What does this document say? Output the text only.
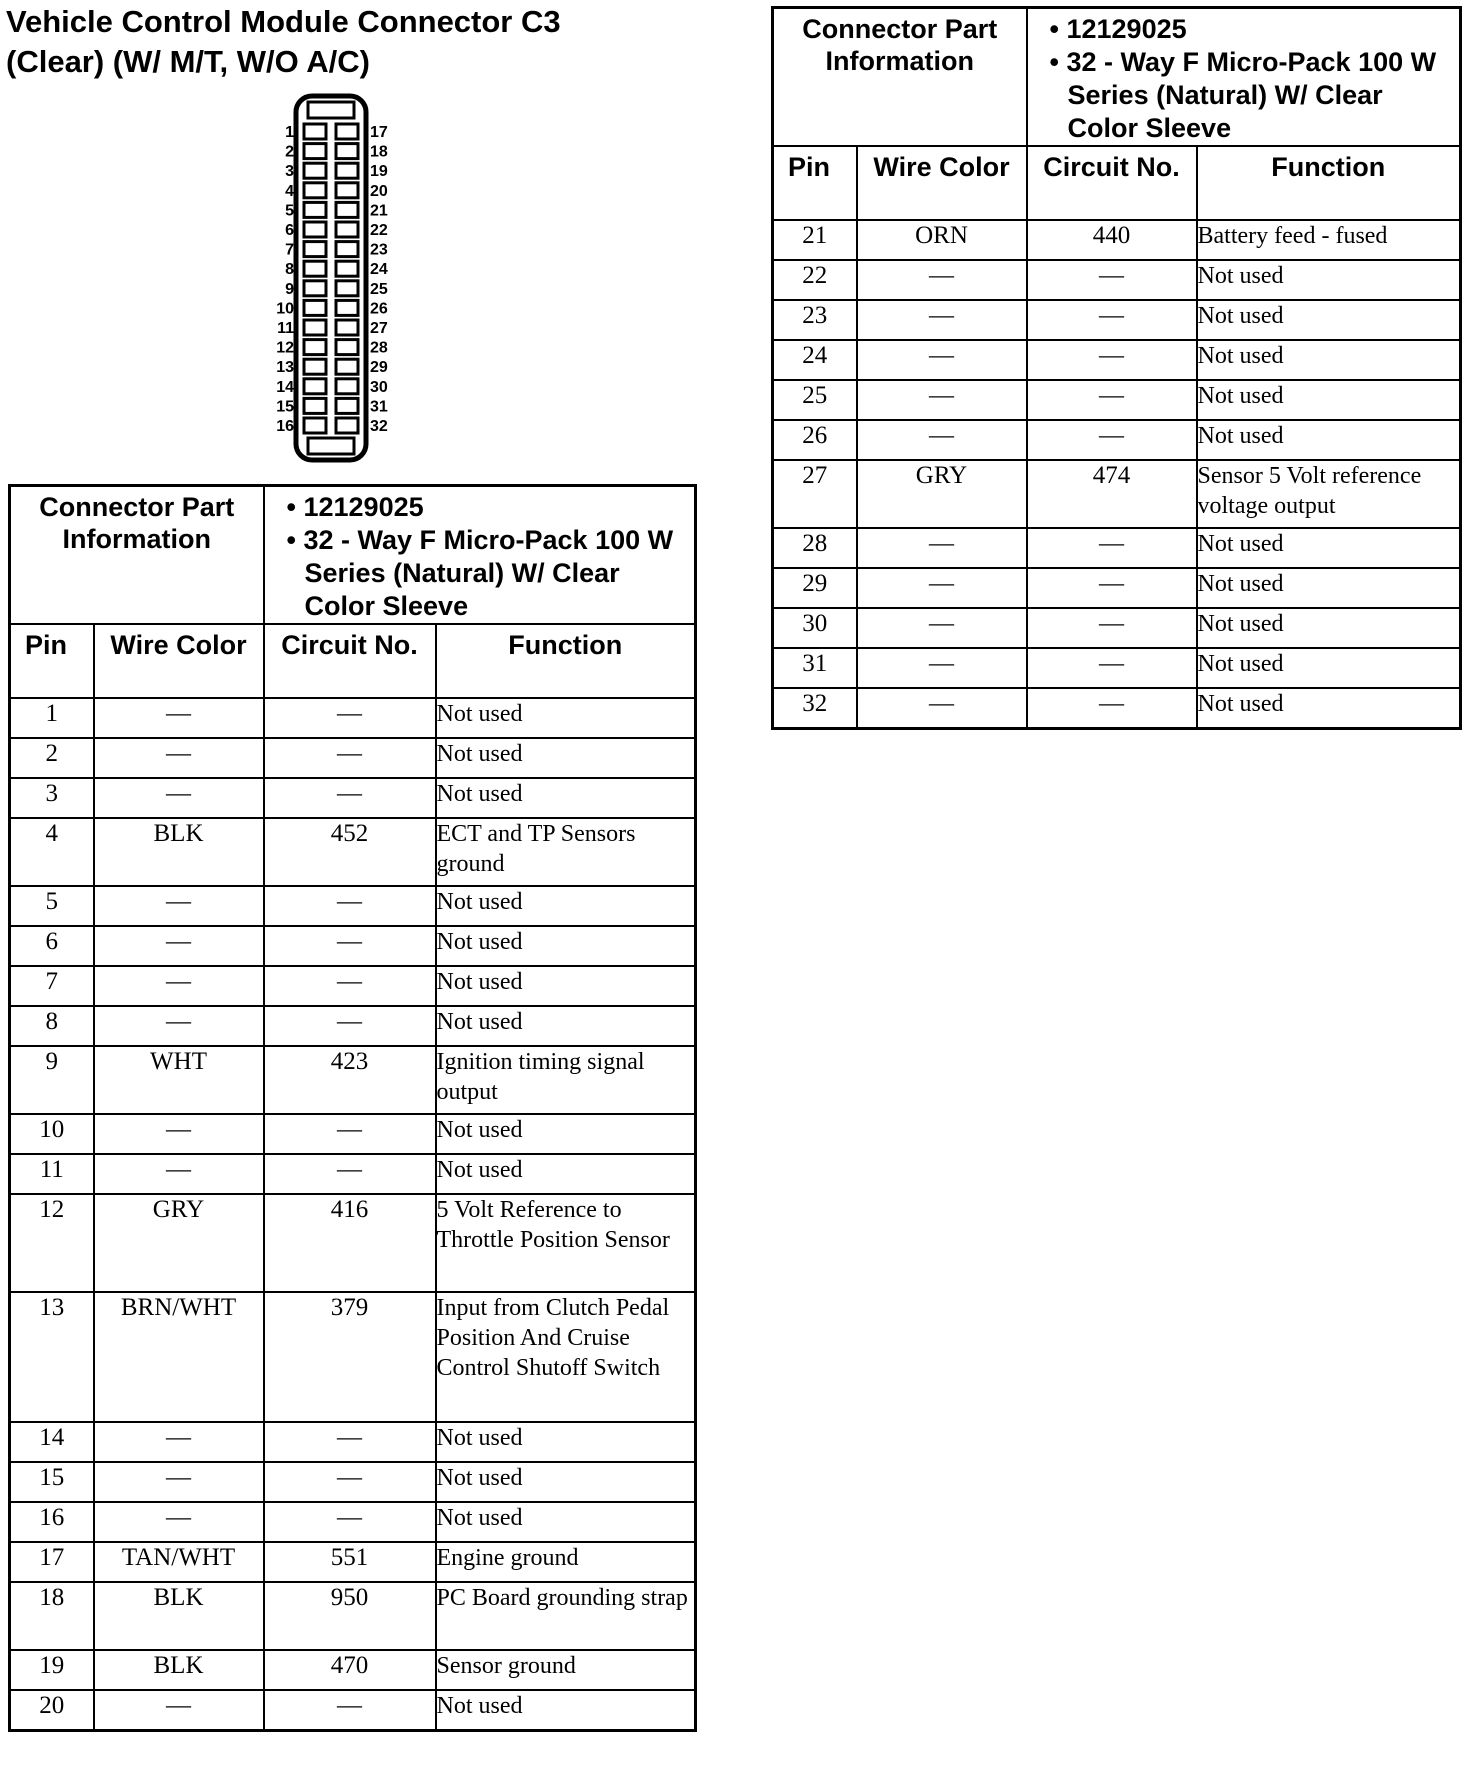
Vehicle Control Module Connector C3
(Clear) (W/ M/T, W/O A/C)
1	17
2	18
3	19
4	20
5	21
6	22
7	23
8	24
9	25
10	26
11	27
12	28
13	29
14	30
15	31
16	32
Connector Part Information		• 12129025
• 32 - Way F Micro-Pack 100 W Series (Natural) W/ Clear Color Sleeve

Pin	Wire Color	Circuit No.	Function

1	—	—	Not used
2	—	—	Not used
3	—	—	Not used
4	BLK	452	ECT and TP Sensors ground
5	—	—	Not used
6	—	—	Not used
7	—	—	Not used
8	—	—	Not used
9	WHT	423	Ignition timing signal output
10	—	—	Not used
11	—	—	Not used
12	GRY	416	5 Volt Reference to Throttle Position Sensor
13	BRN/WHT	379	Input from Clutch Pedal Position And Cruise Control Shutoff Switch
14	—	—	Not used
15	—	—	Not used
16	—	—	Not used
17	TAN/WHT	551	Engine ground
18	BLK	950	PC Board grounding strap
19	BLK	470	Sensor ground
20	—	—	Not used
Connector Part Information		• 12129025
• 32 - Way F Micro-Pack 100 W Series (Natural) W/ Clear Color Sleeve

Pin	Wire Color	Circuit No.	Function

21	ORN	440	Battery feed - fused
22	—	—	Not used
23	—	—	Not used
24	—	—	Not used
25	—	—	Not used
26	—	—	Not used
27	GRY	474	Sensor 5 Volt reference voltage output
28	—	—	Not used
29	—	—	Not used
30	—	—	Not used
31	—	—	Not used
32	—	—	Not used
